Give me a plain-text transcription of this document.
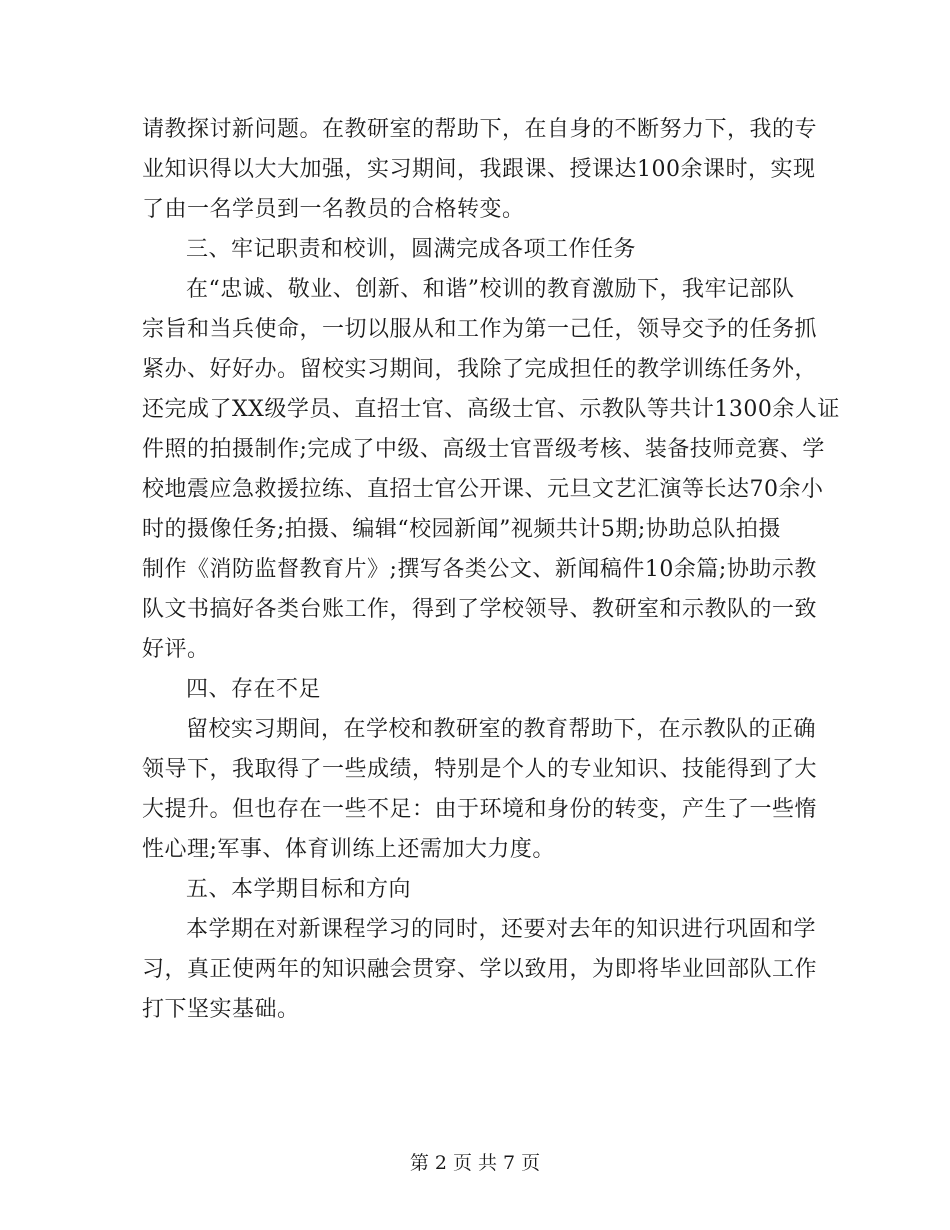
请教探讨新问题。在教研室的帮助下，在自身的不断努力下，我的专
业知识得以大大加强，实习期间，我跟课、授课达100余课时，实现
了由一名学员到一名教员的合格转变。
三、牢记职责和校训，圆满完成各项工作任务
在“忠诚、敬业、创新、和谐”校训的教育激励下，我牢记部队
宗旨和当兵使命，一切以服从和工作为第一己任，领导交予的任务抓
紧办、好好办。留校实习期间，我除了完成担任的教学训练任务外，
还完成了XX级学员、直招士官、高级士官、示教队等共计1300余人证
件照的拍摄制作;完成了中级、高级士官晋级考核、装备技师竞赛、学
校地震应急救援拉练、直招士官公开课、元旦文艺汇演等长达70余小
时的摄像任务;拍摄、编辑“校园新闻”视频共计5期;协助总队拍摄
制作《消防监督教育片》;撰写各类公文、新闻稿件10余篇;协助示教
队文书搞好各类台账工作，得到了学校领导、教研室和示教队的一致
好评。
四、存在不足
留校实习期间，在学校和教研室的教育帮助下，在示教队的正确
领导下，我取得了一些成绩，特别是个人的专业知识、技能得到了大
大提升。但也存在一些不足：由于环境和身份的转变，产生了一些惰
性心理;军事、体育训练上还需加大力度。
五、本学期目标和方向
本学期在对新课程学习的同时，还要对去年的知识进行巩固和学
习，真正使两年的知识融会贯穿、学以致用，为即将毕业回部队工作
打下坚实基础。
第 2 页 共 7 页
